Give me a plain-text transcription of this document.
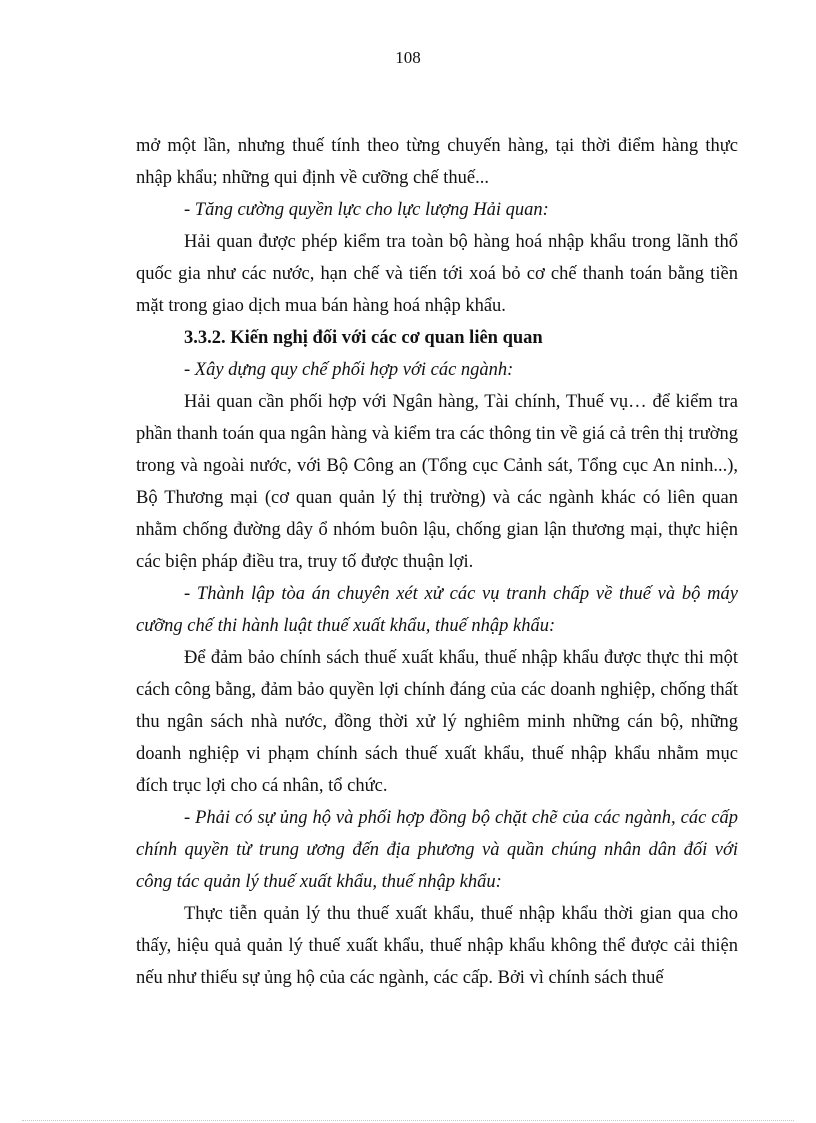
108

mở một lần, nhưng thuế tính theo từng chuyến hàng, tại thời điểm hàng thực nhập khẩu; những qui định về cưỡng chế thuế...

- Tăng cường quyền lực cho lực lượng Hải quan:

Hải quan được phép kiểm tra toàn bộ hàng hoá nhập khẩu trong lãnh thổ quốc gia như các nước, hạn chế và tiến tới xoá bỏ cơ chế thanh toán bằng tiền mặt trong giao dịch mua bán hàng hoá nhập khẩu.

3.3.2. Kiến nghị đối với các cơ quan liên quan

- Xây dựng quy chế phối hợp với các ngành:

Hải quan cần phối hợp với Ngân hàng, Tài chính, Thuế vụ… để kiểm tra phần thanh toán qua ngân hàng và kiểm tra các thông tin về giá cả trên thị trường trong và ngoài nước, với Bộ Công an (Tổng cục Cảnh sát, Tổng cục An ninh...), Bộ Thương mại (cơ quan quản lý thị trường) và các ngành khác có liên quan nhằm chống đường dây ổ nhóm buôn lậu, chống gian lận thương mại, thực hiện các biện pháp điều tra, truy tố được thuận lợi.

- Thành lập tòa án chuyên xét xử các vụ tranh chấp về thuế và bộ máy cưỡng chế thi hành luật thuế xuất khẩu, thuế nhập khẩu:

Để đảm bảo chính sách thuế xuất khẩu, thuế nhập khẩu được thực thi một cách công bằng, đảm bảo quyền lợi chính đáng của các doanh nghiệp, chống thất thu ngân sách nhà nước, đồng thời xử lý nghiêm minh những cán bộ, những doanh nghiệp vi phạm chính sách thuế xuất khẩu, thuế nhập khẩu nhằm mục đích trục lợi cho cá nhân, tổ chức.

- Phải có sự ủng hộ và phối hợp đồng bộ chặt chẽ của các ngành, các cấp chính quyền từ trung ương đến địa phương và quần chúng nhân dân đối với công tác quản lý thuế xuất khẩu, thuế nhập khẩu:

Thực tiễn quản lý thu thuế xuất khẩu, thuế nhập khẩu thời gian qua cho thấy, hiệu quả quản lý thuế xuất khẩu, thuế nhập khẩu không thể được cải thiện nếu như thiếu sự ủng hộ của các ngành, các cấp. Bởi vì chính sách thuế
